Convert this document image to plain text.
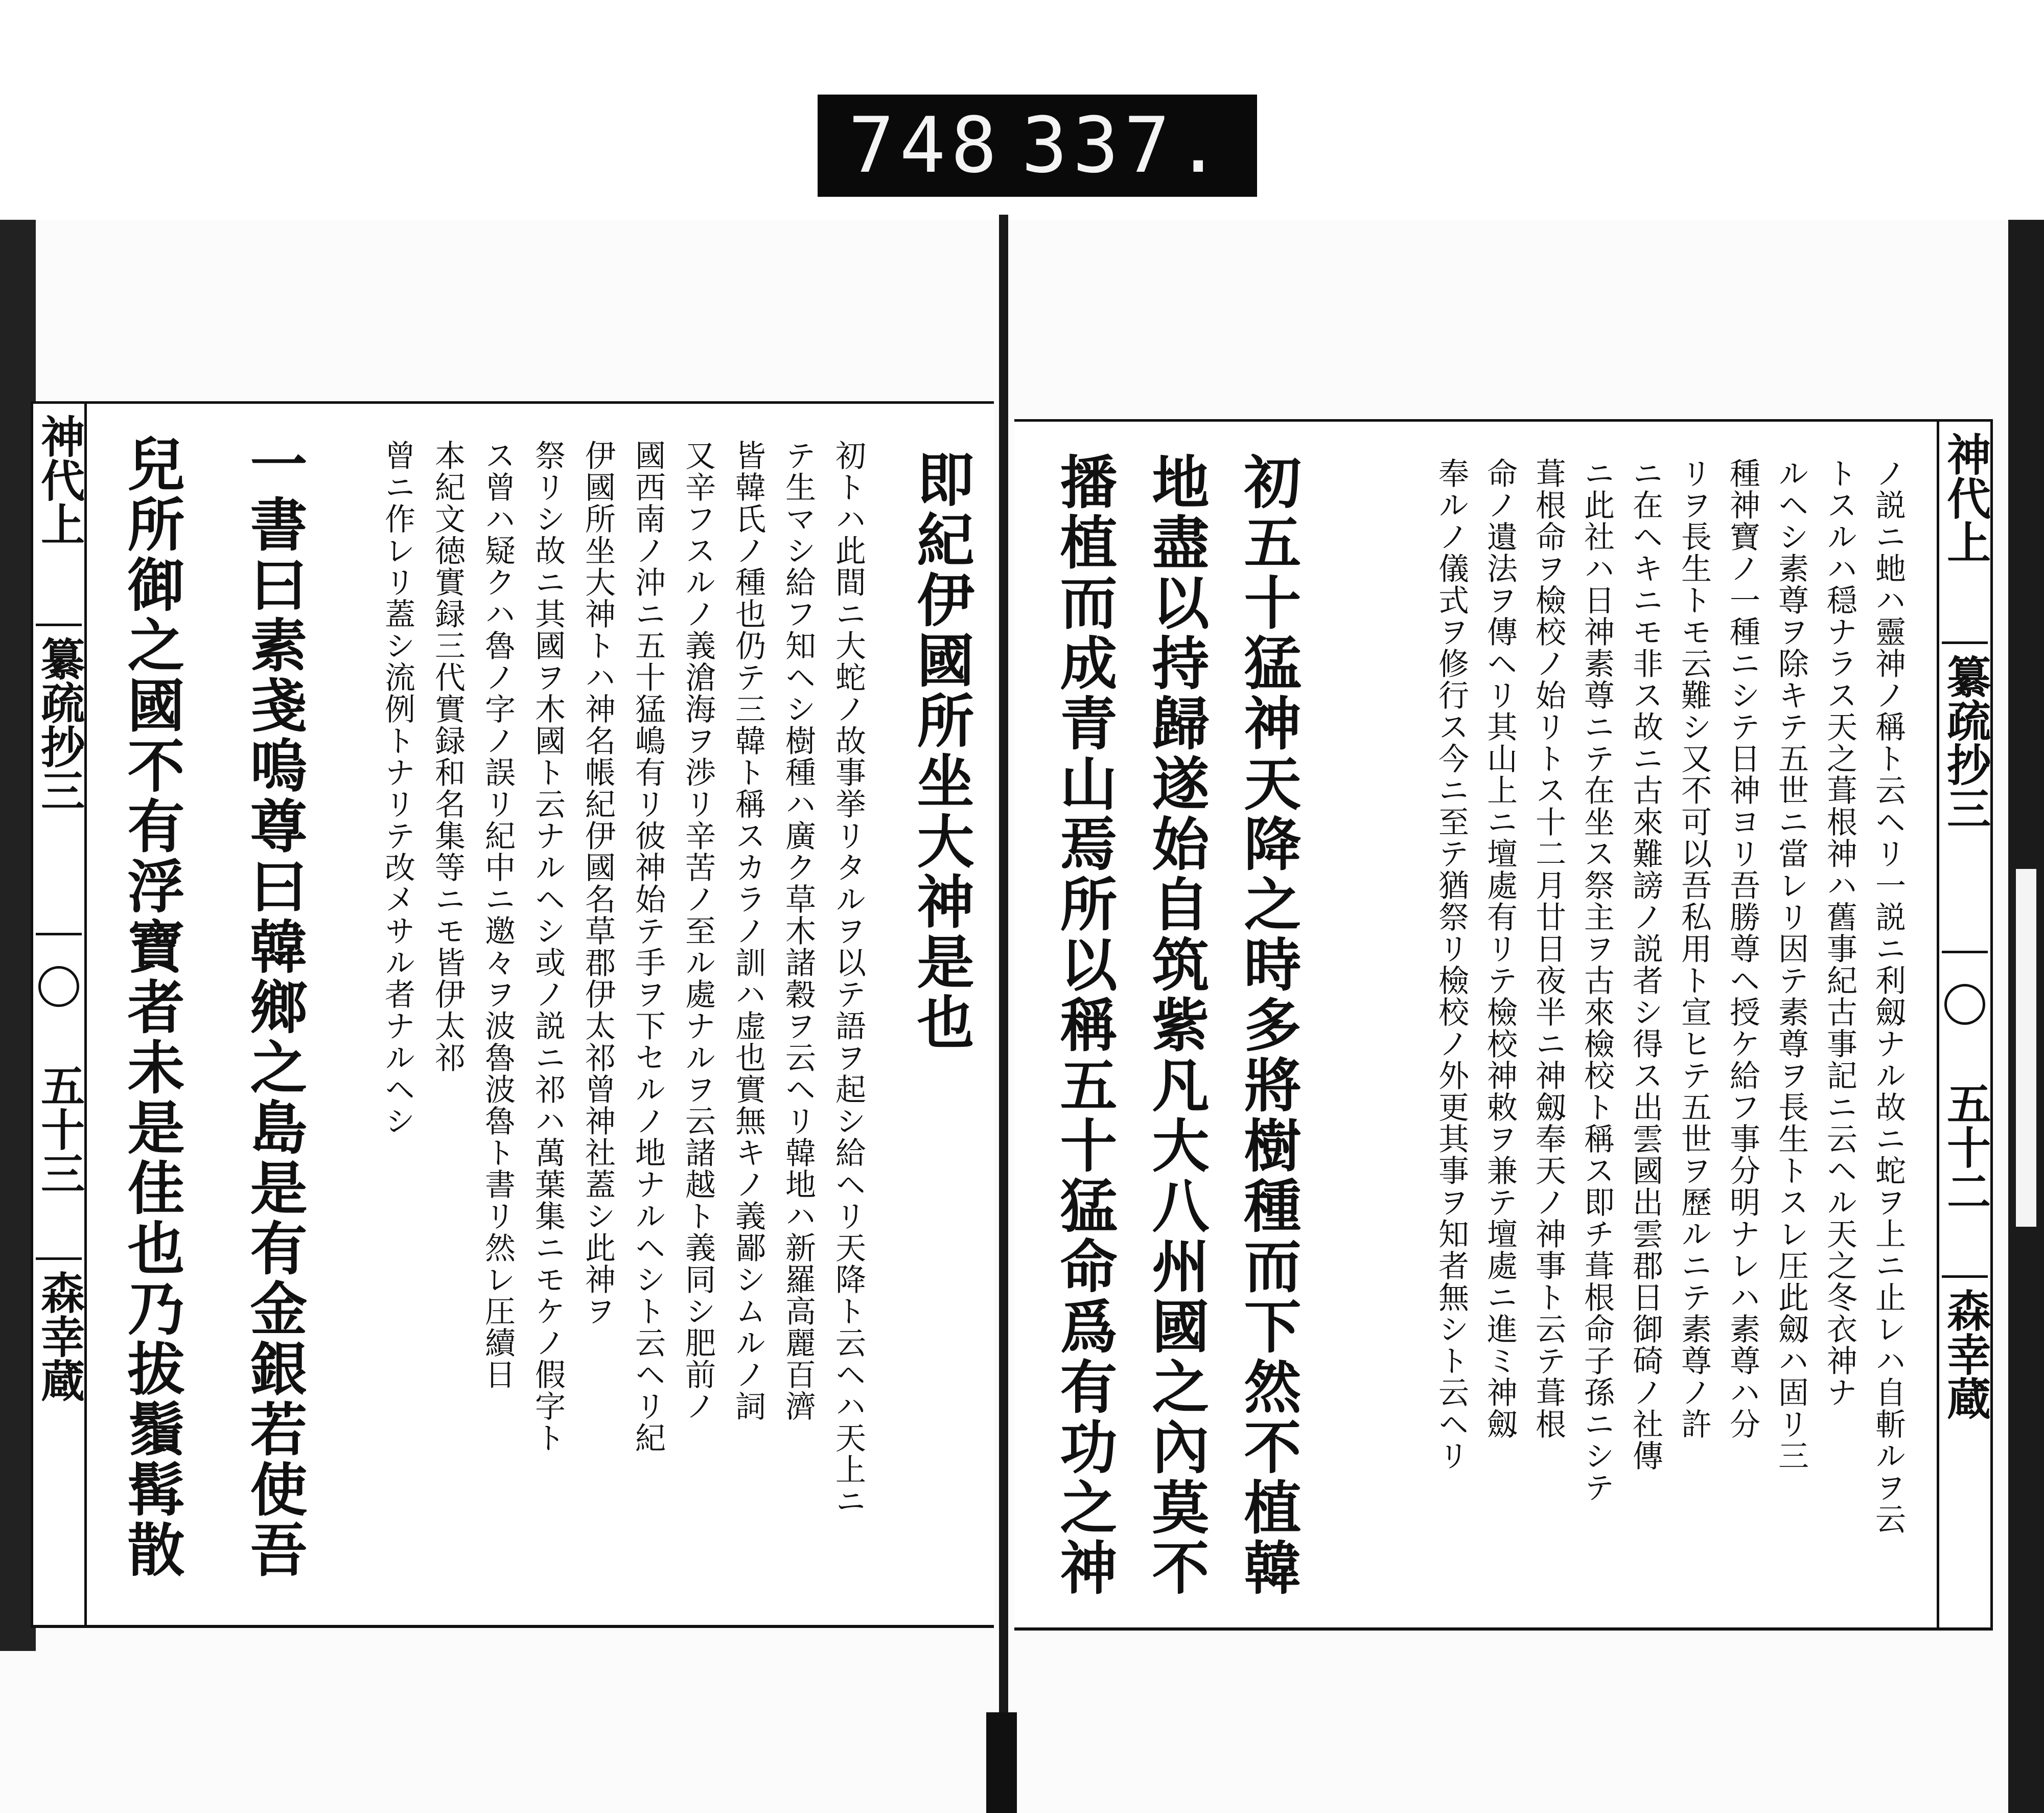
748 337.
神代上
纂疏抄三
五十三
森幸蔵
即紀伊國所坐大神是也
初トハ此間ニ大蛇ノ故事挙リタルヲ以テ語ヲ起シ給ヘリ天降ト云ヘハ天上ニ
テ生マシ給フ知ヘシ樹種ハ廣ク草木諸穀ヲ云ヘリ韓地ハ新羅高麗百濟
皆韓氏ノ種也仍テ三韓ト稱スカラノ訓ハ虚也實無キノ義鄙シムルノ詞
又辛フスルノ義滄海ヲ渉リ辛苦ノ至ル處ナルヲ云諸越ト義同シ肥前ノ
國西南ノ沖ニ五十猛嶋有リ彼神始テ手ヲ下セルノ地ナルヘシト云ヘリ紀
伊國所坐大神トハ神名帳紀伊國名草郡伊太祁曾神社蓋シ此神ヲ
祭リシ故ニ其國ヲ木國ト云ナルヘシ或ノ説ニ祁ハ萬葉集ニモケノ假字ト
ス曾ハ疑クハ魯ノ字ノ誤リ紀中ニ邀々ヲ波魯波魯ト書リ然レ圧續日
本紀文徳實録三代實録和名集等ニモ皆伊太祁
曾ニ作レリ蓋シ流例トナリテ改メサル者ナルヘシ
一書曰素戔嗚尊曰韓鄉之島是有金銀若使吾
兒所御之國不有浮寶者未是佳也乃拔鬚髯散	神代上
纂疏抄三
五十二
森幸蔵
ノ説ニ虵ハ靈神ノ稱ト云ヘリ一説ニ利劔ナル故ニ蛇ヲ上ニ止レハ自斬ルヲ云
トスルハ穏ナラス天之葺根神ハ舊事紀古事記ニ云ヘル天之冬衣神ナ
ルヘシ素尊ヲ除キテ五世ニ當レリ因テ素尊ヲ長生トスレ圧此劔ハ固リ三
種神寶ノ一種ニシテ日神ヨリ吾勝尊ヘ授ケ給フ事分明ナレハ素尊ハ分
リヲ長生トモ云難シ又不可以吾私用ト宣ヒテ五世ヲ歷ルニテ素尊ノ許
ニ在ヘキニモ非ス故ニ古來難謗ノ説者シ得ス出雲國出雲郡日御碕ノ社傳
ニ此社ハ日神素尊ニテ在坐ス祭主ヲ古來檢校ト稱ス即チ葺根命子孫ニシテ
葺根命ヲ檢校ノ始リトス十二月廿日夜半ニ神劔奉天ノ神事ト云テ葺根
命ノ遺法ヲ傳ヘリ其山上ニ壇處有リテ檢校神敕ヲ兼テ壇處ニ進ミ神劔
奉ルノ儀式ヲ修行ス今ニ至テ猶祭リ檢校ノ外更其事ヲ知者無シト云ヘリ
初五十猛神天降之時多將樹種而下然不植韓
地盡以持歸遂始自筑紫凡大八州國之內莫不
播植而成青山焉所以稱五十猛命爲有功之神
